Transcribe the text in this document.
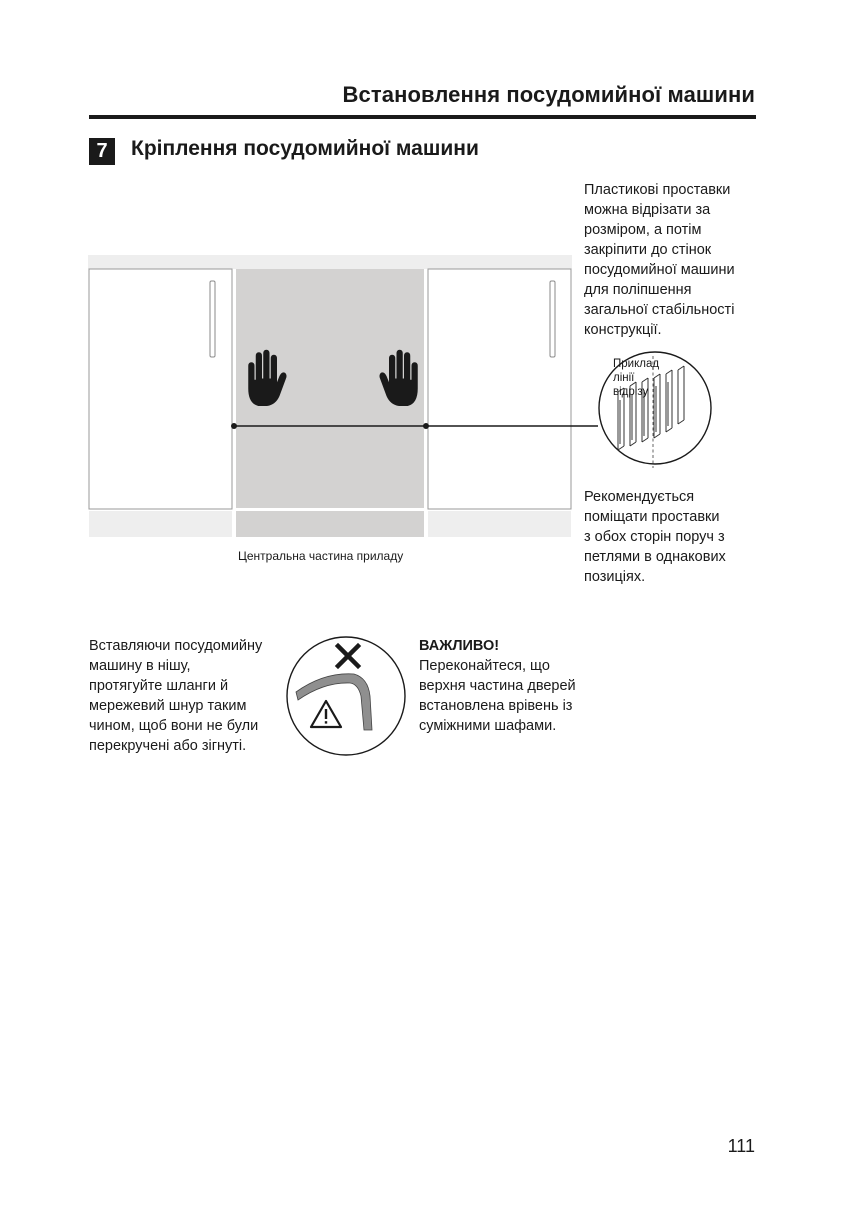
Встановлення посудомийної машини
7	Кріплення посудомийної машини
Пластикові проставки
можна відрізати за
розміром, а потім
закріпити до стінок
посудомийної машини
для поліпшення
загальної стабільності
конструкції.
Приклад
лінії
відрізу
Центральна частина приладу
Рекомендується
поміщати проставки
з обох сторін поруч з
петлями в однакових
позиціях.
Вставляючи посудомийну
машину в нішу,
протягуйте шланги й
мережевий шнур таким
чином, щоб вони не були
перекручені або зігнуті.
ВАЖЛИВО!
Переконайтеся, що
верхня частина дверей
встановлена врівень із
суміжними шафами.
111
